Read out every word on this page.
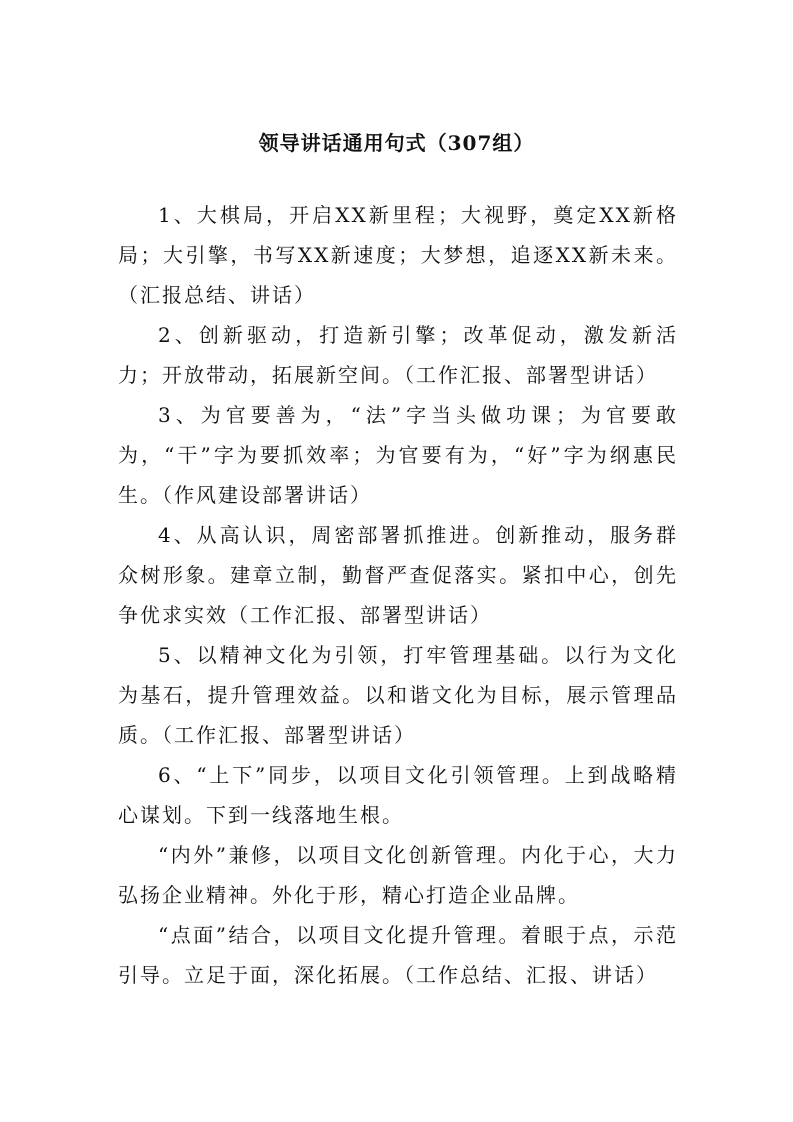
领导讲话通用句式（307组）

1、大棋局，开启XX新里程；大视野，奠定XX新格局；大引擎，书写XX新速度；大梦想，追逐XX新未来。（汇报总结、讲话）

2、创新驱动，打造新引擎；改革促动，激发新活力；开放带动，拓展新空间。（工作汇报、部署型讲话）

3、为官要善为，“法”字当头做功课；为官要敢为，“干”字为要抓效率；为官要有为，“好”字为纲惠民生。（作风建设部署讲话）

4、从高认识，周密部署抓推进。创新推动，服务群众树形象。建章立制，勤督严查促落实。紧扣中心，创先争优求实效（工作汇报、部署型讲话）

5、以精神文化为引领，打牢管理基础。以行为文化为基石，提升管理效益。以和谐文化为目标，展示管理品质。（工作汇报、部署型讲话）

6、“上下”同步，以项目文化引领管理。上到战略精心谋划。下到一线落地生根。

“内外”兼修，以项目文化创新管理。内化于心，大力弘扬企业精神。外化于形，精心打造企业品牌。

“点面”结合，以项目文化提升管理。着眼于点，示范引导。立足于面，深化拓展。（工作总结、汇报、讲话）
